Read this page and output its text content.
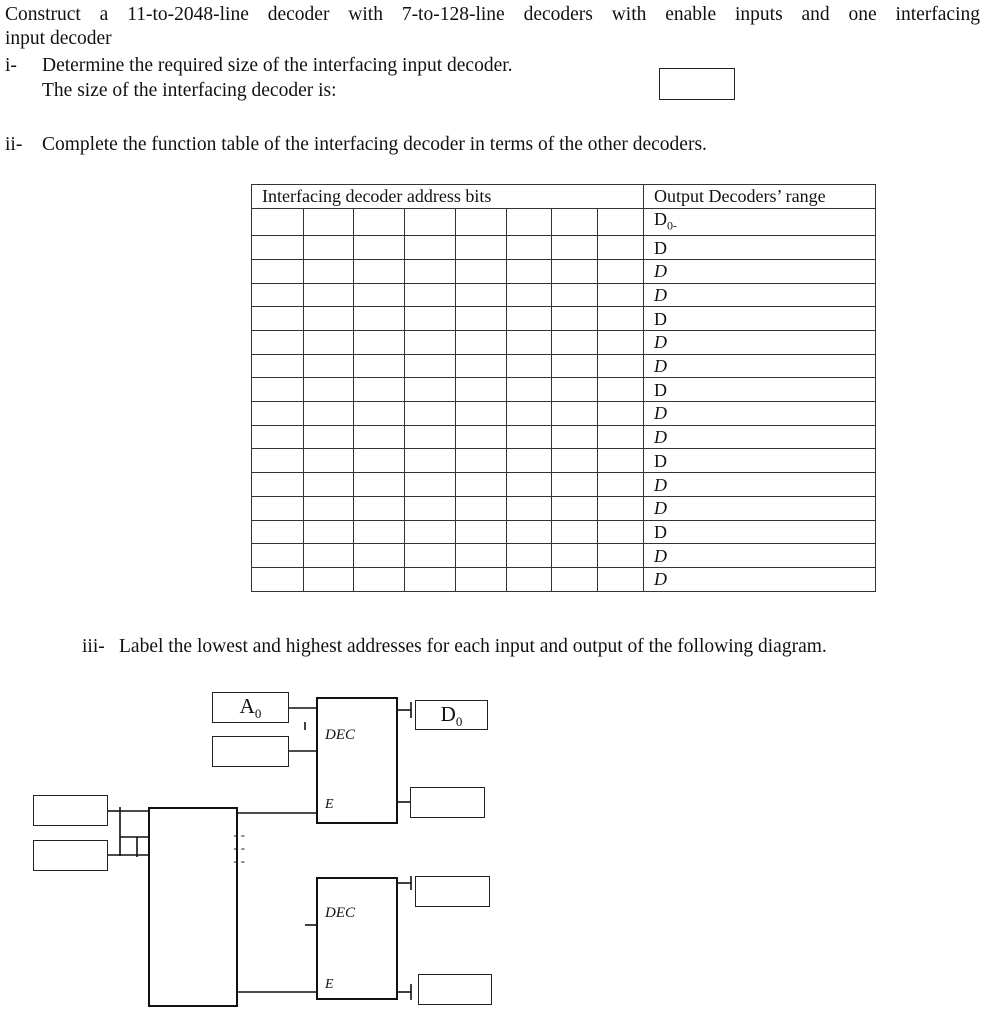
Construct a 11-to-2048-line decoder with 7-to-128-line decoders with enable inputs and one interfacing
input decoder
i- Determine the required size of the interfacing input decoder.
The size of the interfacing decoder is:
ii- Complete the function table of the interfacing decoder in terms of the other decoders.
Interfacing decoder address bits								Output Decoders’ range
								$D_{0-}$
								D
								D
								D
								D
								D
								D
								D
								D
								D
								D
								D
								D
								D
								D
								D
iii- Label the lowest and highest addresses for each input and output of the following diagram.
--
--
--
DEC
E
DEC
E
$A_0$	$D_0$
